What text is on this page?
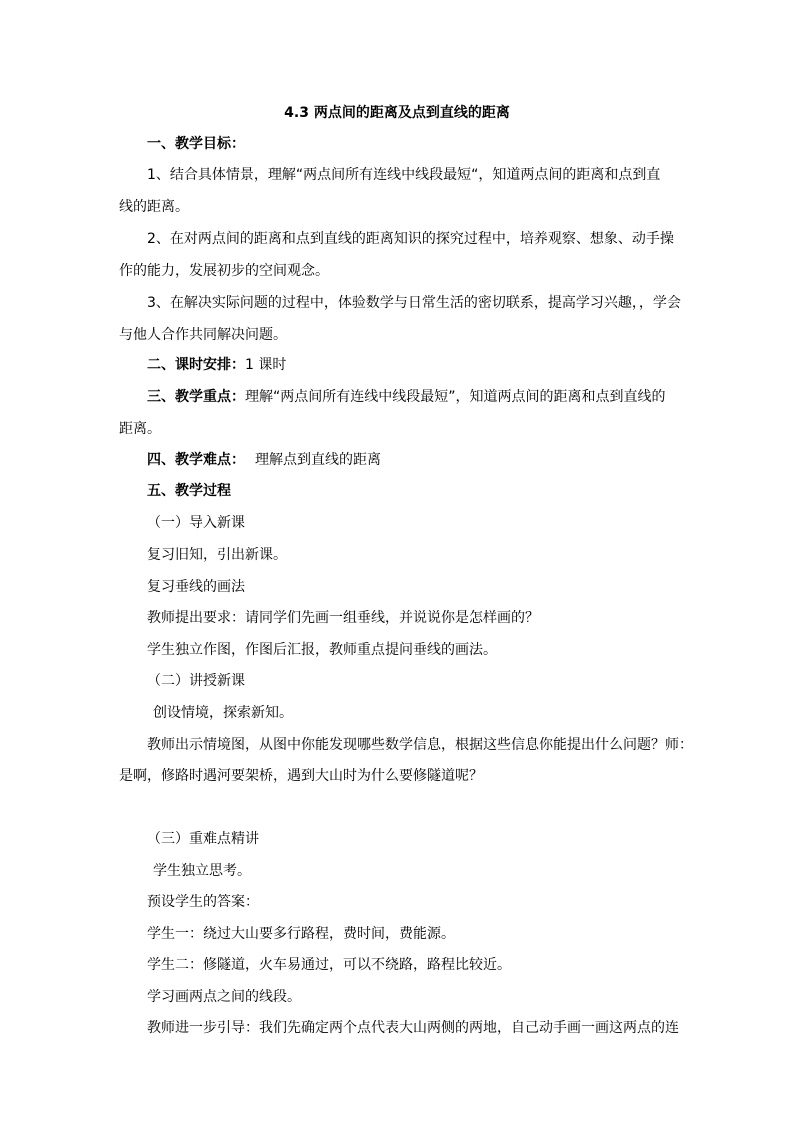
4.3 两点间的距离及点到直线的距离
一、教学目标：
1、结合具体情景，理解“两点间所有连线中线段最短“，知道两点间的距离和点到直
线的距离。
2、在对两点间的距离和点到直线的距离知识的探究过程中，培养观察、想象、动手操
作的能力，发展初步的空间观念。
3、在解决实际问题的过程中，体验数学与日常生活的密切联系，提高学习兴趣，，学会
与他人合作共同解决问题。
二、课时安排：1 课时
三、教学重点：理解“两点间所有连线中线段最短”，知道两点间的距离和点到直线的
距离。
四、教学难点： 理解点到直线的距离
五、教学过程
（一）导入新课
复习旧知，引出新课。
复习垂线的画法
教师提出要求：请同学们先画一组垂线，并说说你是怎样画的？
学生独立作图，作图后汇报，教师重点提问垂线的画法。
（二）讲授新课
创设情境，探索新知。
教师出示情境图，从图中你能发现哪些数学信息，根据这些信息你能提出什么问题？师：
是啊，修路时遇河要架桥，遇到大山时为什么要修隧道呢？
（三）重难点精讲
学生独立思考。
预设学生的答案：
学生一：绕过大山要多行路程，费时间，费能源。
学生二：修隧道，火车易通过，可以不绕路，路程比较近。
学习画两点之间的线段。
教师进一步引导：我们先确定两个点代表大山两侧的两地，自己动手画一画这两点的连
